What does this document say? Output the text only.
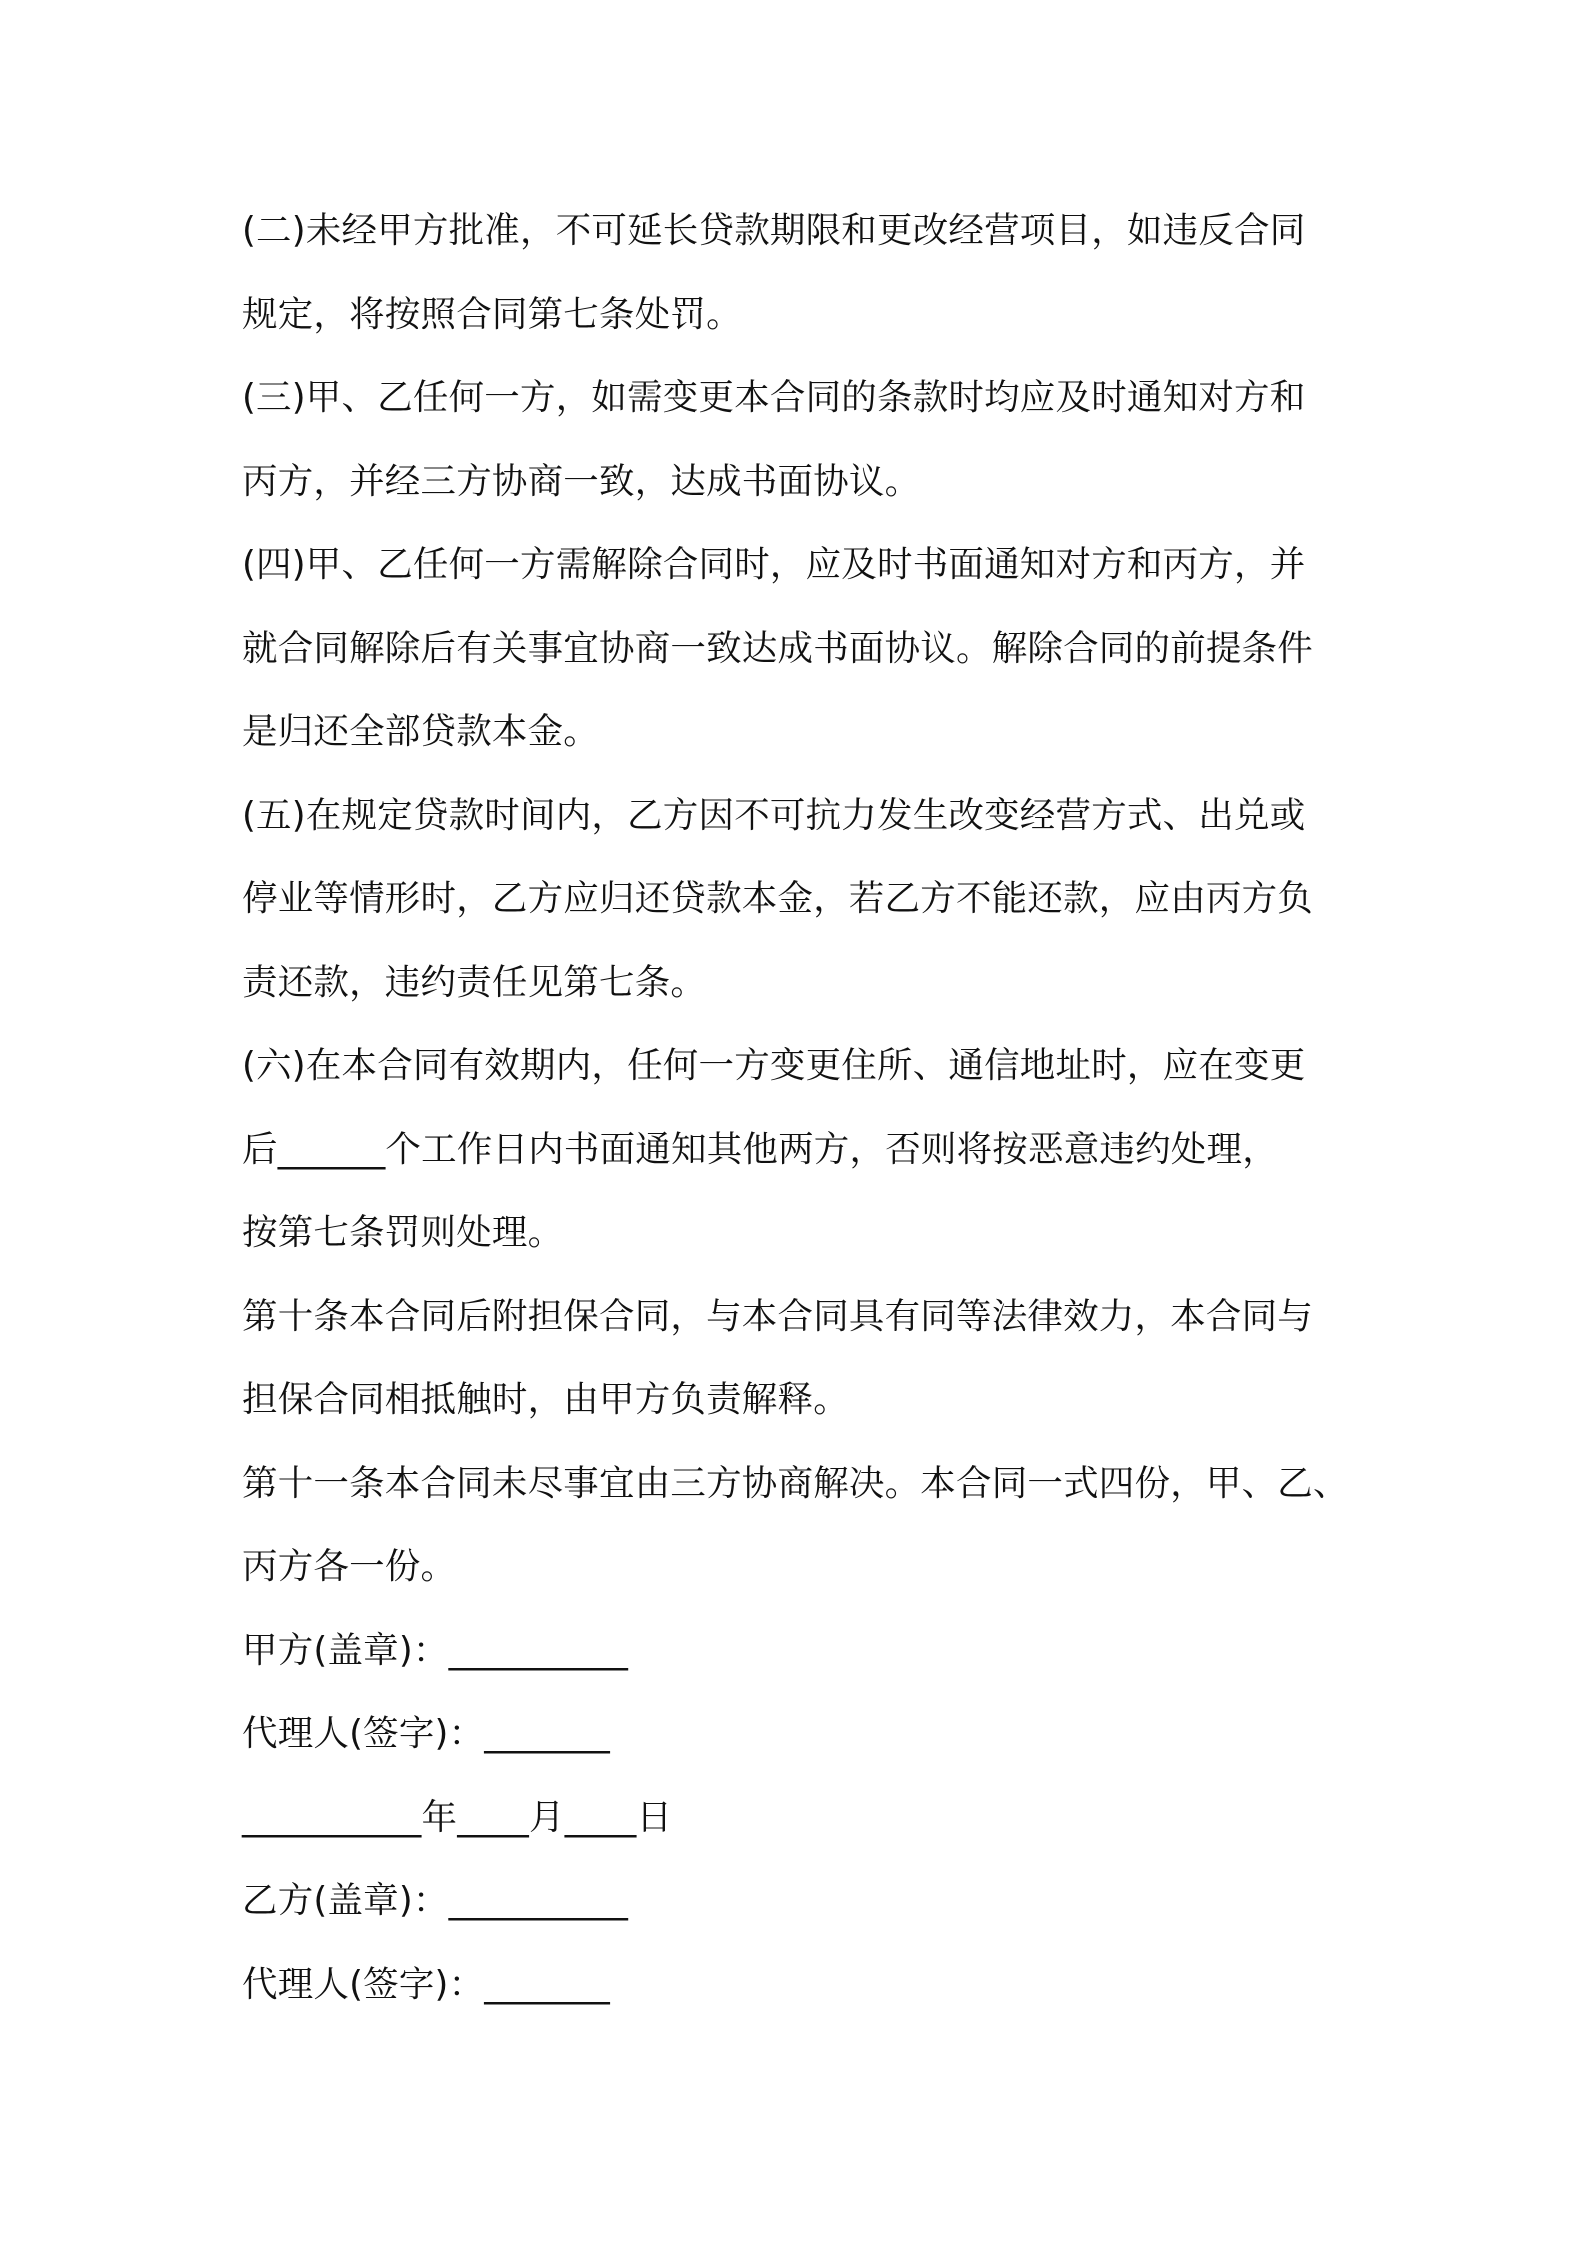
(二)未经甲方批准，不可延长贷款期限和更改经营项目，如违反合同
规定，将按照合同第七条处罚。
(三)甲、乙任何一方，如需变更本合同的条款时均应及时通知对方和
丙方，并经三方协商一致，达成书面协议。
(四)甲、乙任何一方需解除合同时，应及时书面通知对方和丙方，并
就合同解除后有关事宜协商一致达成书面协议。解除合同的前提条件
是归还全部贷款本金。
(五)在规定贷款时间内，乙方因不可抗力发生改变经营方式、出兑或
停业等情形时，乙方应归还贷款本金，若乙方不能还款，应由丙方负
责还款，违约责任见第七条。
(六)在本合同有效期内，任何一方变更住所、通信地址时，应在变更
后______个工作日内书面通知其他两方，否则将按恶意违约处理，
按第七条罚则处理。
第十条本合同后附担保合同，与本合同具有同等法律效力，本合同与
担保合同相抵触时，由甲方负责解释。
第十一条本合同未尽事宜由三方协商解决。本合同一式四份，甲、乙、
丙方各一份。
甲方(盖章)：__________
代理人(签字)：_______
__________年____月____日
乙方(盖章)：__________
代理人(签字)：_______
